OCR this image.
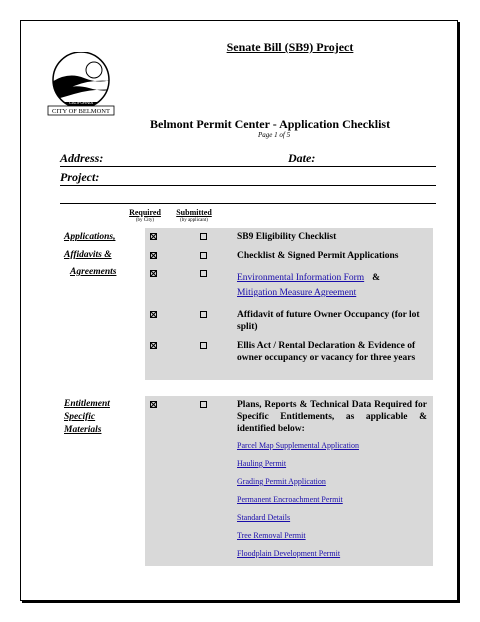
Senate Bill (SB9) Project
CALIFORNIA
CITY OF BELMONT
Belmont Permit Center - Application Checklist
Page 1 of 5
Address:	Date:
Project:
Required
(by City)
Submitted
(by applicant)
Applications,
Affidavits &
Agreements
SB9 Eligibility Checklist
Checklist & Signed Permit Applications
Environmental Information Form &
Mitigation Measure Agreement
Affidavit of future Owner Occupancy (for lot split)
Ellis Act / Rental Declaration & Evidence of owner occupancy or vacancy for three years
Entitlement
Specific
Materials
Plans, Reports & Technical Data Required for Specific Entitlements, as applicable & identified below:
Parcel Map Supplemental Application
Hauling Permit
Grading Permit Application
Permanent Encroachment Permit
Standard Details
Tree Removal Permit
Floodplain Development Permit
